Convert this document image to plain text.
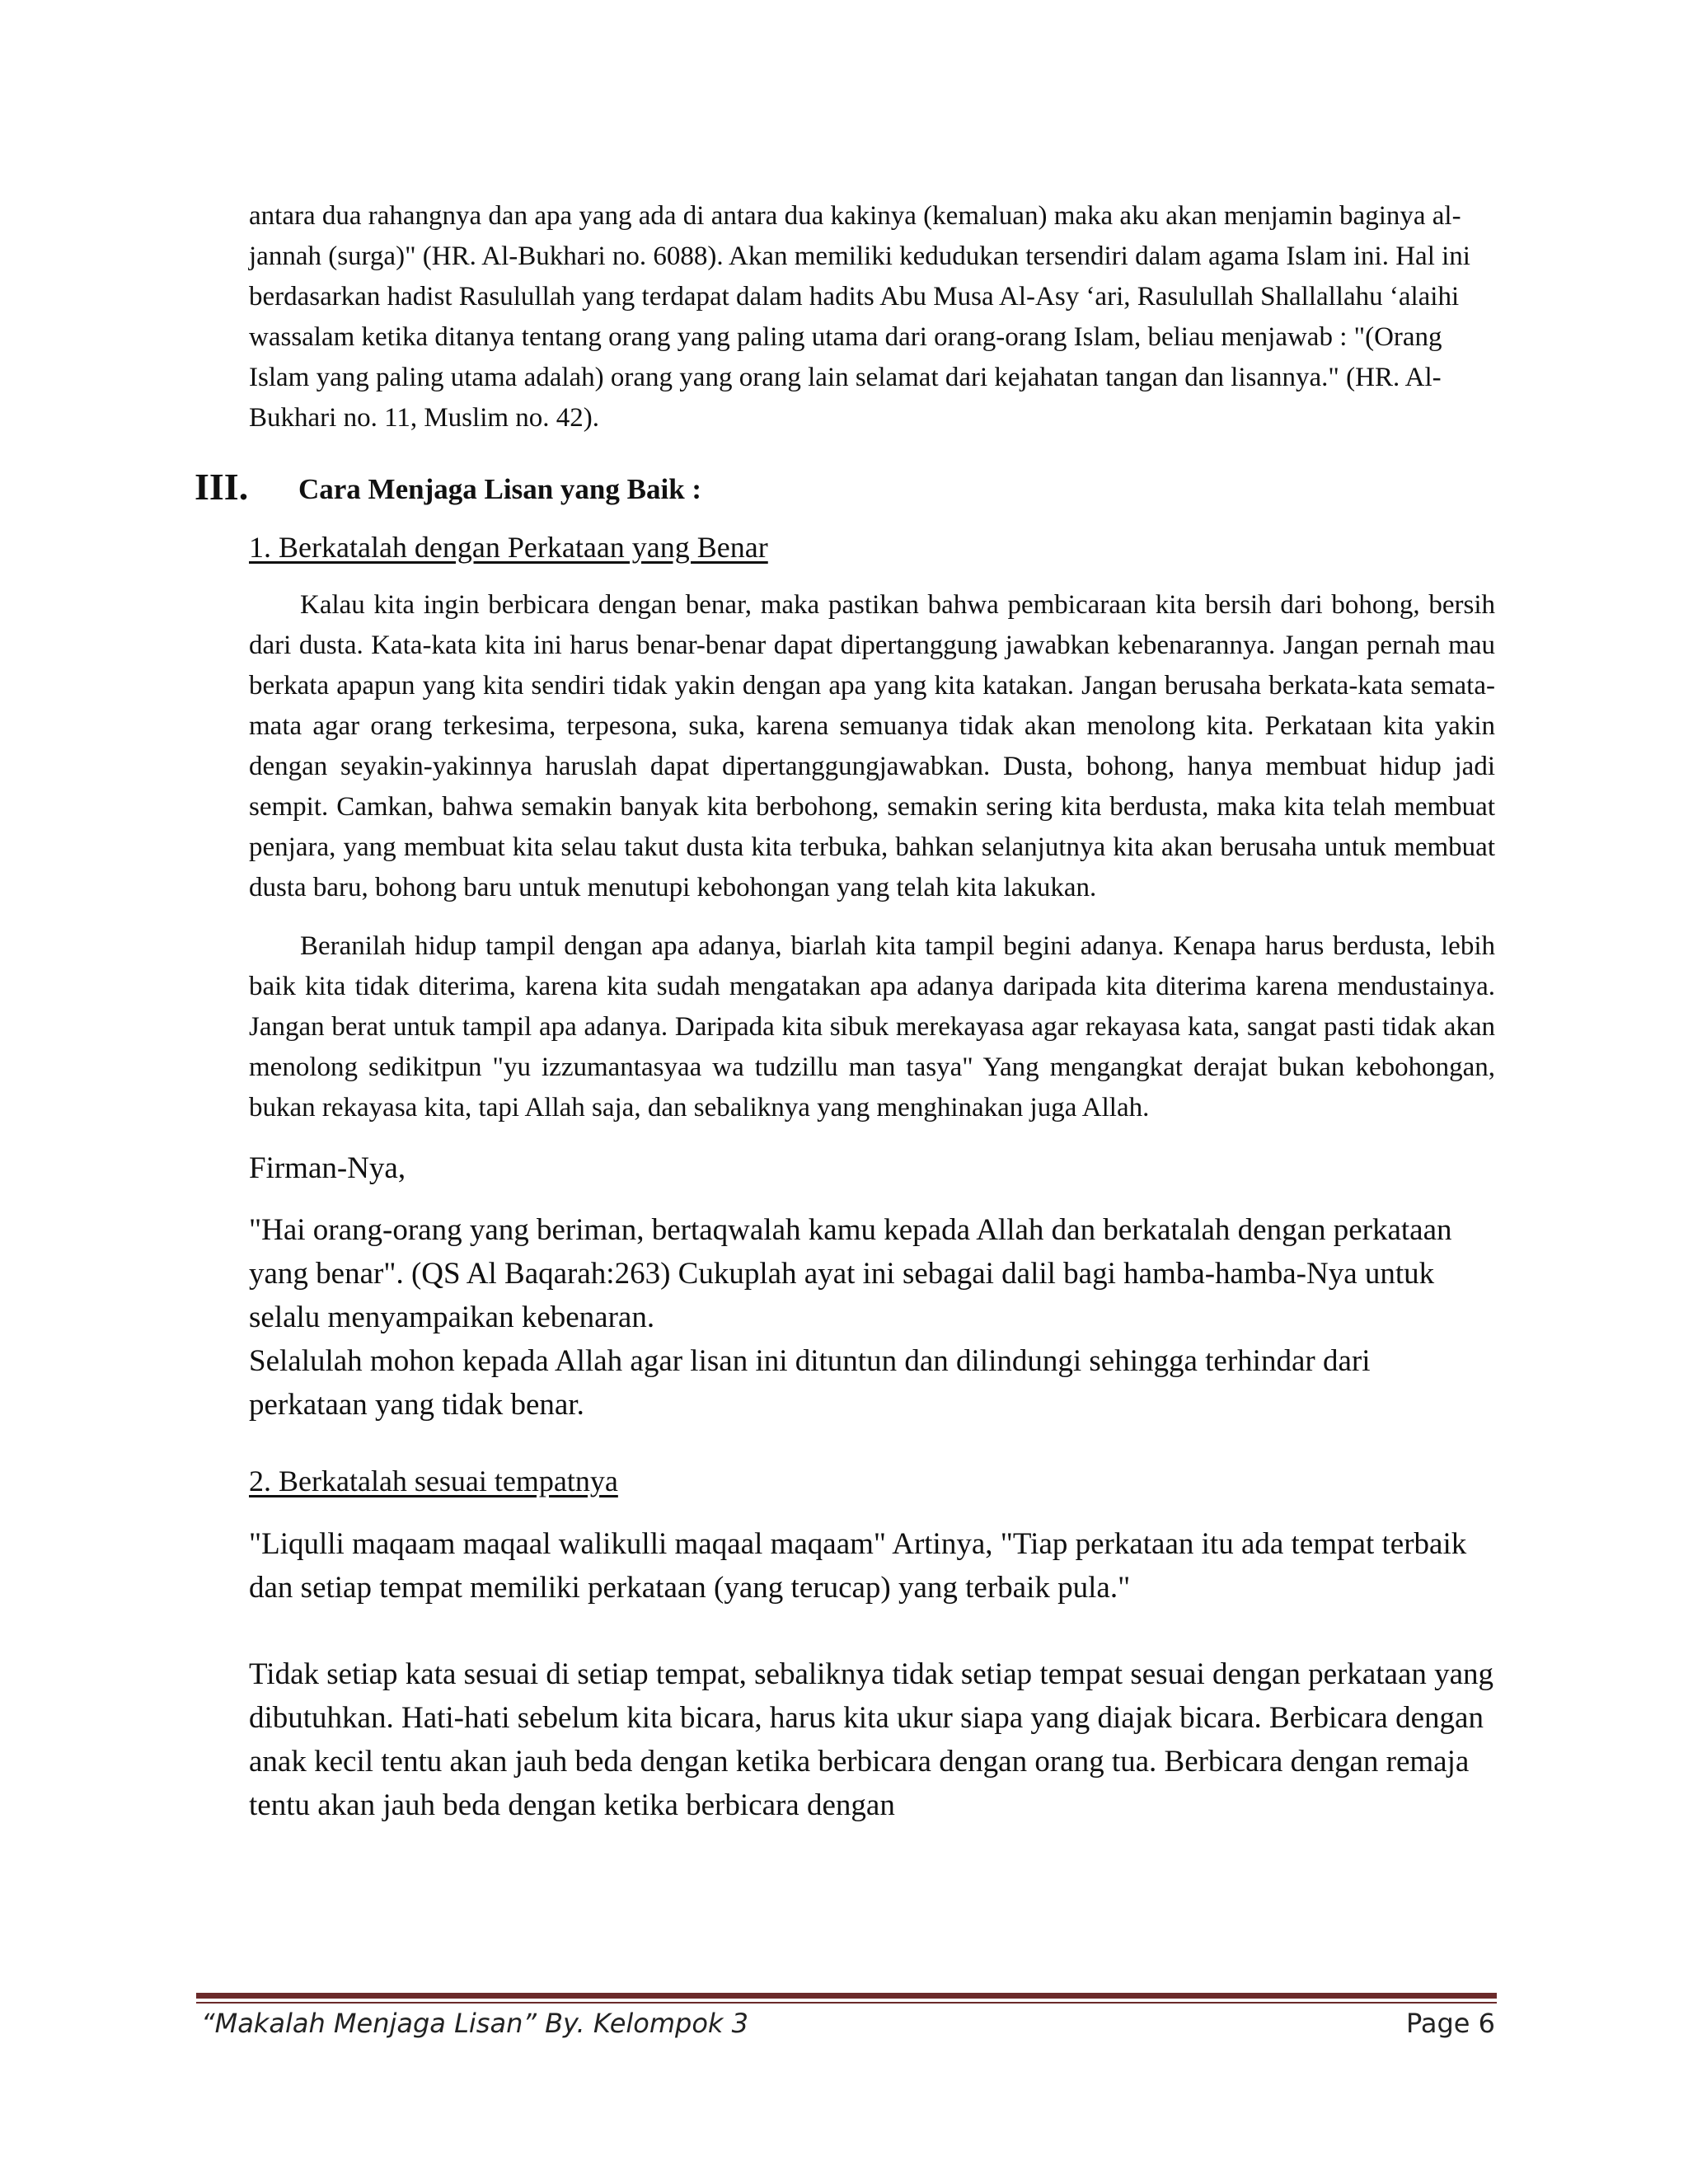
antara dua rahangnya dan apa yang ada di antara dua kakinya (kemaluan) maka aku akan menjamin baginya al-jannah (surga)" (HR. Al-Bukhari no. 6088). Akan memiliki kedudukan tersendiri dalam agama Islam ini. Hal ini berdasarkan hadist Rasulullah yang terdapat dalam hadits Abu Musa Al-Asy ‘ari, Rasulullah Shallallahu ‘alaihi wassalam ketika ditanya tentang orang yang paling utama dari orang-orang Islam, beliau menjawab : "(Orang Islam yang paling utama adalah) orang yang orang lain selamat dari kejahatan tangan dan lisannya." (HR. Al-Bukhari no. 11, Muslim no. 42).

III. Cara Menjaga Lisan yang Baik :

1. Berkatalah dengan Perkataan yang Benar

Kalau kita ingin berbicara dengan benar, maka pastikan bahwa pembicaraan kita bersih dari bohong, bersih dari dusta. Kata-kata kita ini harus benar-benar dapat dipertanggung jawabkan kebenarannya. Jangan pernah mau berkata apapun yang kita sendiri tidak yakin dengan apa yang kita katakan. Jangan berusaha berkata-kata semata-mata agar orang terkesima, terpesona, suka, karena semuanya tidak akan menolong kita. Perkataan kita yakin dengan seyakin-yakinnya haruslah dapat dipertanggungjawabkan. Dusta, bohong, hanya membuat hidup jadi sempit. Camkan, bahwa semakin banyak kita berbohong, semakin sering kita berdusta, maka kita telah membuat penjara, yang membuat kita selau takut dusta kita terbuka, bahkan selanjutnya kita akan berusaha untuk membuat dusta baru, bohong baru untuk menutupi kebohongan yang telah kita lakukan.

Beranilah hidup tampil dengan apa adanya, biarlah kita tampil begini adanya. Kenapa harus berdusta, lebih baik kita tidak diterima, karena kita sudah mengatakan apa adanya daripada kita diterima karena mendustainya. Jangan berat untuk tampil apa adanya. Daripada kita sibuk merekayasa agar rekayasa kata, sangat pasti tidak akan menolong sedikitpun "yu izzumantasyaa wa tudzillu man tasya" Yang mengangkat derajat bukan kebohongan, bukan rekayasa kita, tapi Allah saja, dan sebaliknya yang menghinakan juga Allah.

Firman-Nya,

"Hai orang-orang yang beriman, bertaqwalah kamu kepada Allah dan berkatalah dengan perkataan yang benar". (QS Al Baqarah:263) Cukuplah ayat ini sebagai dalil bagi hamba-hamba-Nya untuk selalu menyampaikan kebenaran.

Selalulah mohon kepada Allah agar lisan ini dituntun dan dilindungi sehingga terhindar dari perkataan yang tidak benar.

2. Berkatalah sesuai tempatnya

"Liqulli maqaam maqaal walikulli maqaal maqaam" Artinya, "Tiap perkataan itu ada tempat terbaik dan setiap tempat memiliki perkataan (yang terucap) yang terbaik pula."

Tidak setiap kata sesuai di setiap tempat, sebaliknya tidak setiap tempat sesuai dengan perkataan yang dibutuhkan. Hati-hati sebelum kita bicara, harus kita ukur siapa yang diajak bicara. Berbicara dengan anak kecil tentu akan jauh beda dengan ketika berbicara dengan orang tua. Berbicara dengan remaja tentu akan jauh beda dengan ketika berbicara dengan

“Makalah Menjaga Lisan” By. Kelompok 3	Page 6
